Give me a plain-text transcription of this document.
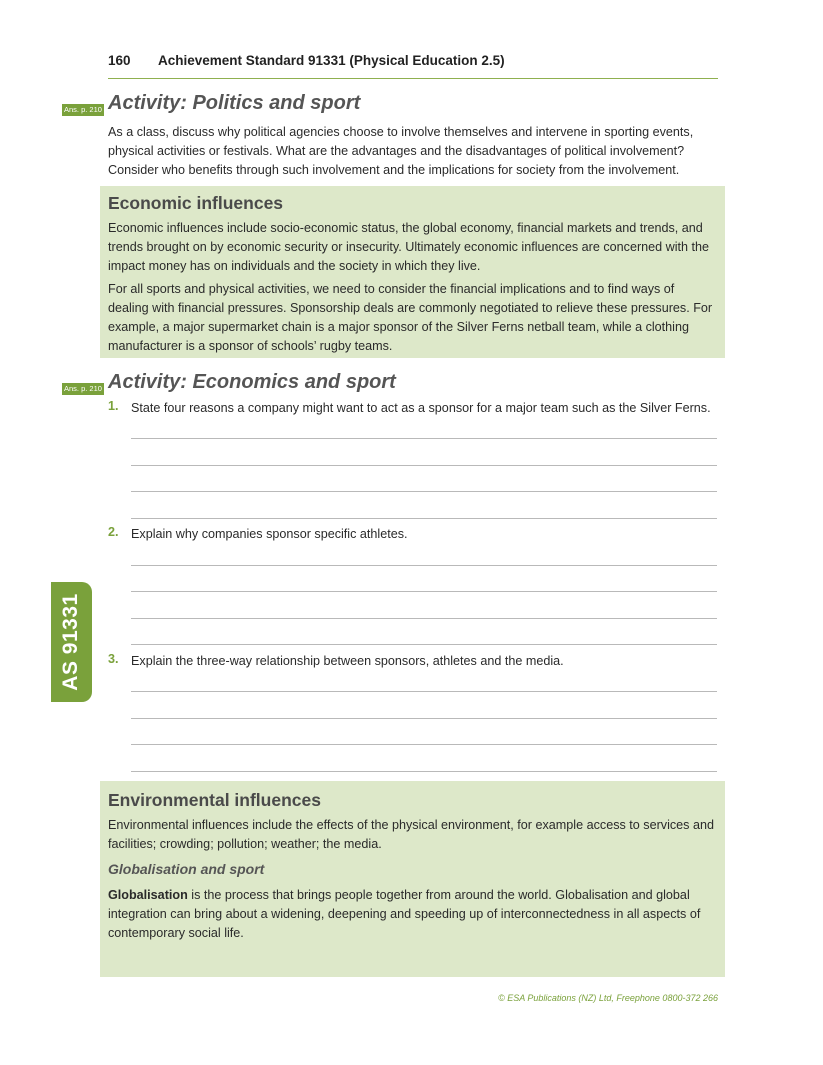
160 Achievement Standard 91331 (Physical Education 2.5)
Ans. p. 210 Activity: Politics and sport
As a class, discuss why political agencies choose to involve themselves and intervene in sporting events, physical activities or festivals. What are the advantages and the disadvantages of political involvement? Consider who benefits through such involvement and the implications for society from the involvement.
Economic influences
Economic influences include socio-economic status, the global economy, financial markets and trends, and trends brought on by economic security or insecurity. Ultimately economic influences are concerned with the impact money has on individuals and the society in which they live.
For all sports and physical activities, we need to consider the financial implications and to find ways of dealing with financial pressures. Sponsorship deals are commonly negotiated to relieve these pressures. For example, a major supermarket chain is a major sponsor of the Silver Ferns netball team, while a clothing manufacturer is a sponsor of schools’ rugby teams.
Ans. p. 210 Activity: Economics and sport
1. State four reasons a company might want to act as a sponsor for a major team such as the Silver Ferns.
2. Explain why companies sponsor specific athletes.
3. Explain the three-way relationship between sponsors, athletes and the media.
AS 91331
Environmental influences
Environmental influences include the effects of the physical environment, for example access to services and facilities; crowding; pollution; weather; the media.
Globalisation and sport
Globalisation is the process that brings people together from around the world. Globalisation and global integration can bring about a widening, deepening and speeding up of interconnectedness in all aspects of contemporary social life.
© ESA Publications (NZ) Ltd, Freephone 0800-372 266
